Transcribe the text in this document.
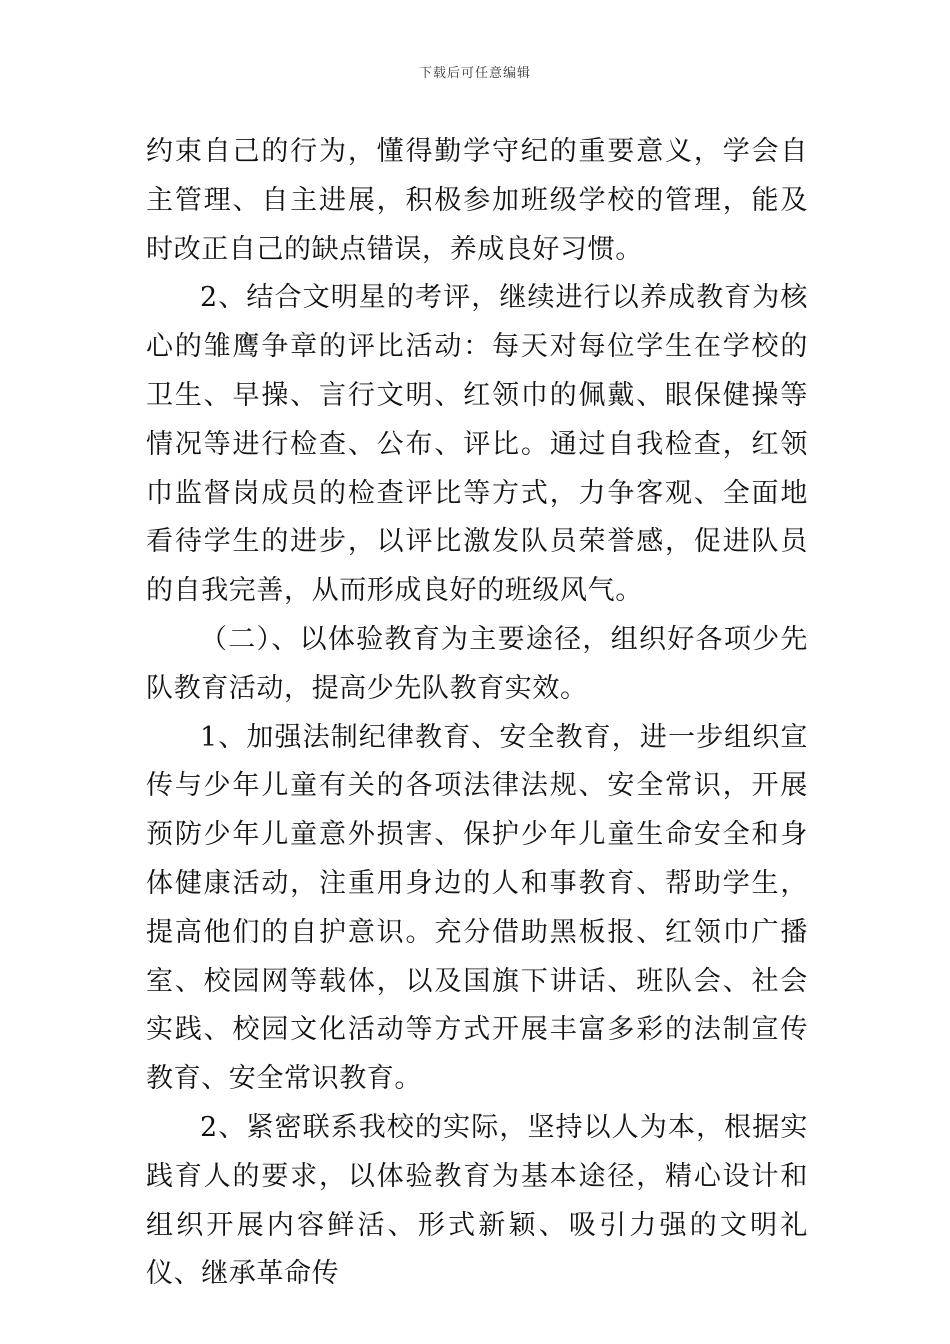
下载后可任意编辑

约束自己的行为，懂得勤学守纪的重要意义，学会自主管理、自主进展，积极参加班级学校的管理，能及时改正自己的缺点错误，养成良好习惯。

2、结合文明星的考评，继续进行以养成教育为核心的雏鹰争章的评比活动：每天对每位学生在学校的卫生、早操、言行文明、红领巾的佩戴、眼保健操等情况等进行检查、公布、评比。通过自我检查，红领巾监督岗成员的检查评比等方式，力争客观、全面地看待学生的进步，以评比激发队员荣誉感，促进队员的自我完善，从而形成良好的班级风气。

（二）、以体验教育为主要途径，组织好各项少先队教育活动，提高少先队教育实效。

1、加强法制纪律教育、安全教育，进一步组织宣传与少年儿童有关的各项法律法规、安全常识，开展预防少年儿童意外损害、保护少年儿童生命安全和身体健康活动，注重用身边的人和事教育、帮助学生，提高他们的自护意识。充分借助黑板报、红领巾广播室、校园网等载体，以及国旗下讲话、班队会、社会实践、校园文化活动等方式开展丰富多彩的法制宣传教育、安全常识教育。

2、紧密联系我校的实际，坚持以人为本，根据实践育人的要求，以体验教育为基本途径，精心设计和组织开展内容鲜活、形式新颖、吸引力强的文明礼仪、继承革命传
